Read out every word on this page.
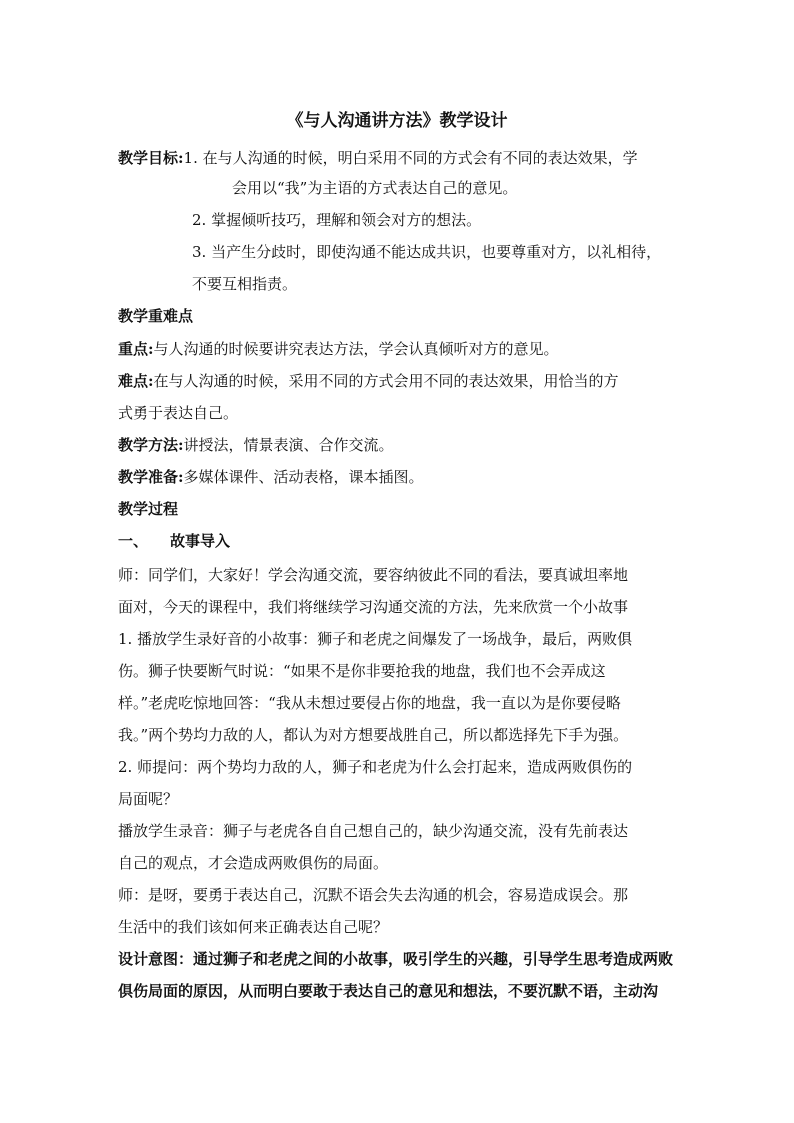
《与人沟通讲方法》教学设计
教学目标:1. 在与人沟通的时候，明白采用不同的方式会有不同的表达效果，学
会用以“我”为主语的方式表达自己的意见。
2. 掌握倾听技巧，理解和领会对方的想法。
3. 当产生分歧时，即使沟通不能达成共识，也要尊重对方，以礼相待，
不要互相指责。
教学重难点
重点:与人沟通的时候要讲究表达方法，学会认真倾听对方的意见。
难点:在与人沟通的时候，采用不同的方式会用不同的表达效果，用恰当的方
式勇于表达自己。
教学方法:讲授法，情景表演、合作交流。
教学准备:多媒体课件、活动表格，课本插图。
教学过程
一、 故事导入
师：同学们，大家好！学会沟通交流，要容纳彼此不同的看法，要真诚坦率地
面对，今天的课程中，我们将继续学习沟通交流的方法，先来欣赏一个小故事
1. 播放学生录好音的小故事：狮子和老虎之间爆发了一场战争，最后，两败俱
伤。狮子快要断气时说：“如果不是你非要抢我的地盘，我们也不会弄成这
样。”老虎吃惊地回答：“我从未想过要侵占你的地盘，我一直以为是你要侵略
我。”两个势均力敌的人，都认为对方想要战胜自己，所以都选择先下手为强。
2. 师提问：两个势均力敌的人，狮子和老虎为什么会打起来，造成两败俱伤的
局面呢？
播放学生录音：狮子与老虎各自自己想自己的，缺少沟通交流，没有先前表达
自己的观点，才会造成两败俱伤的局面。
师：是呀，要勇于表达自己，沉默不语会失去沟通的机会，容易造成误会。那
生活中的我们该如何来正确表达自己呢？
设计意图：通过狮子和老虎之间的小故事，吸引学生的兴趣，引导学生思考造成两败
俱伤局面的原因，从而明白要敢于表达自己的意见和想法，不要沉默不语，主动沟
